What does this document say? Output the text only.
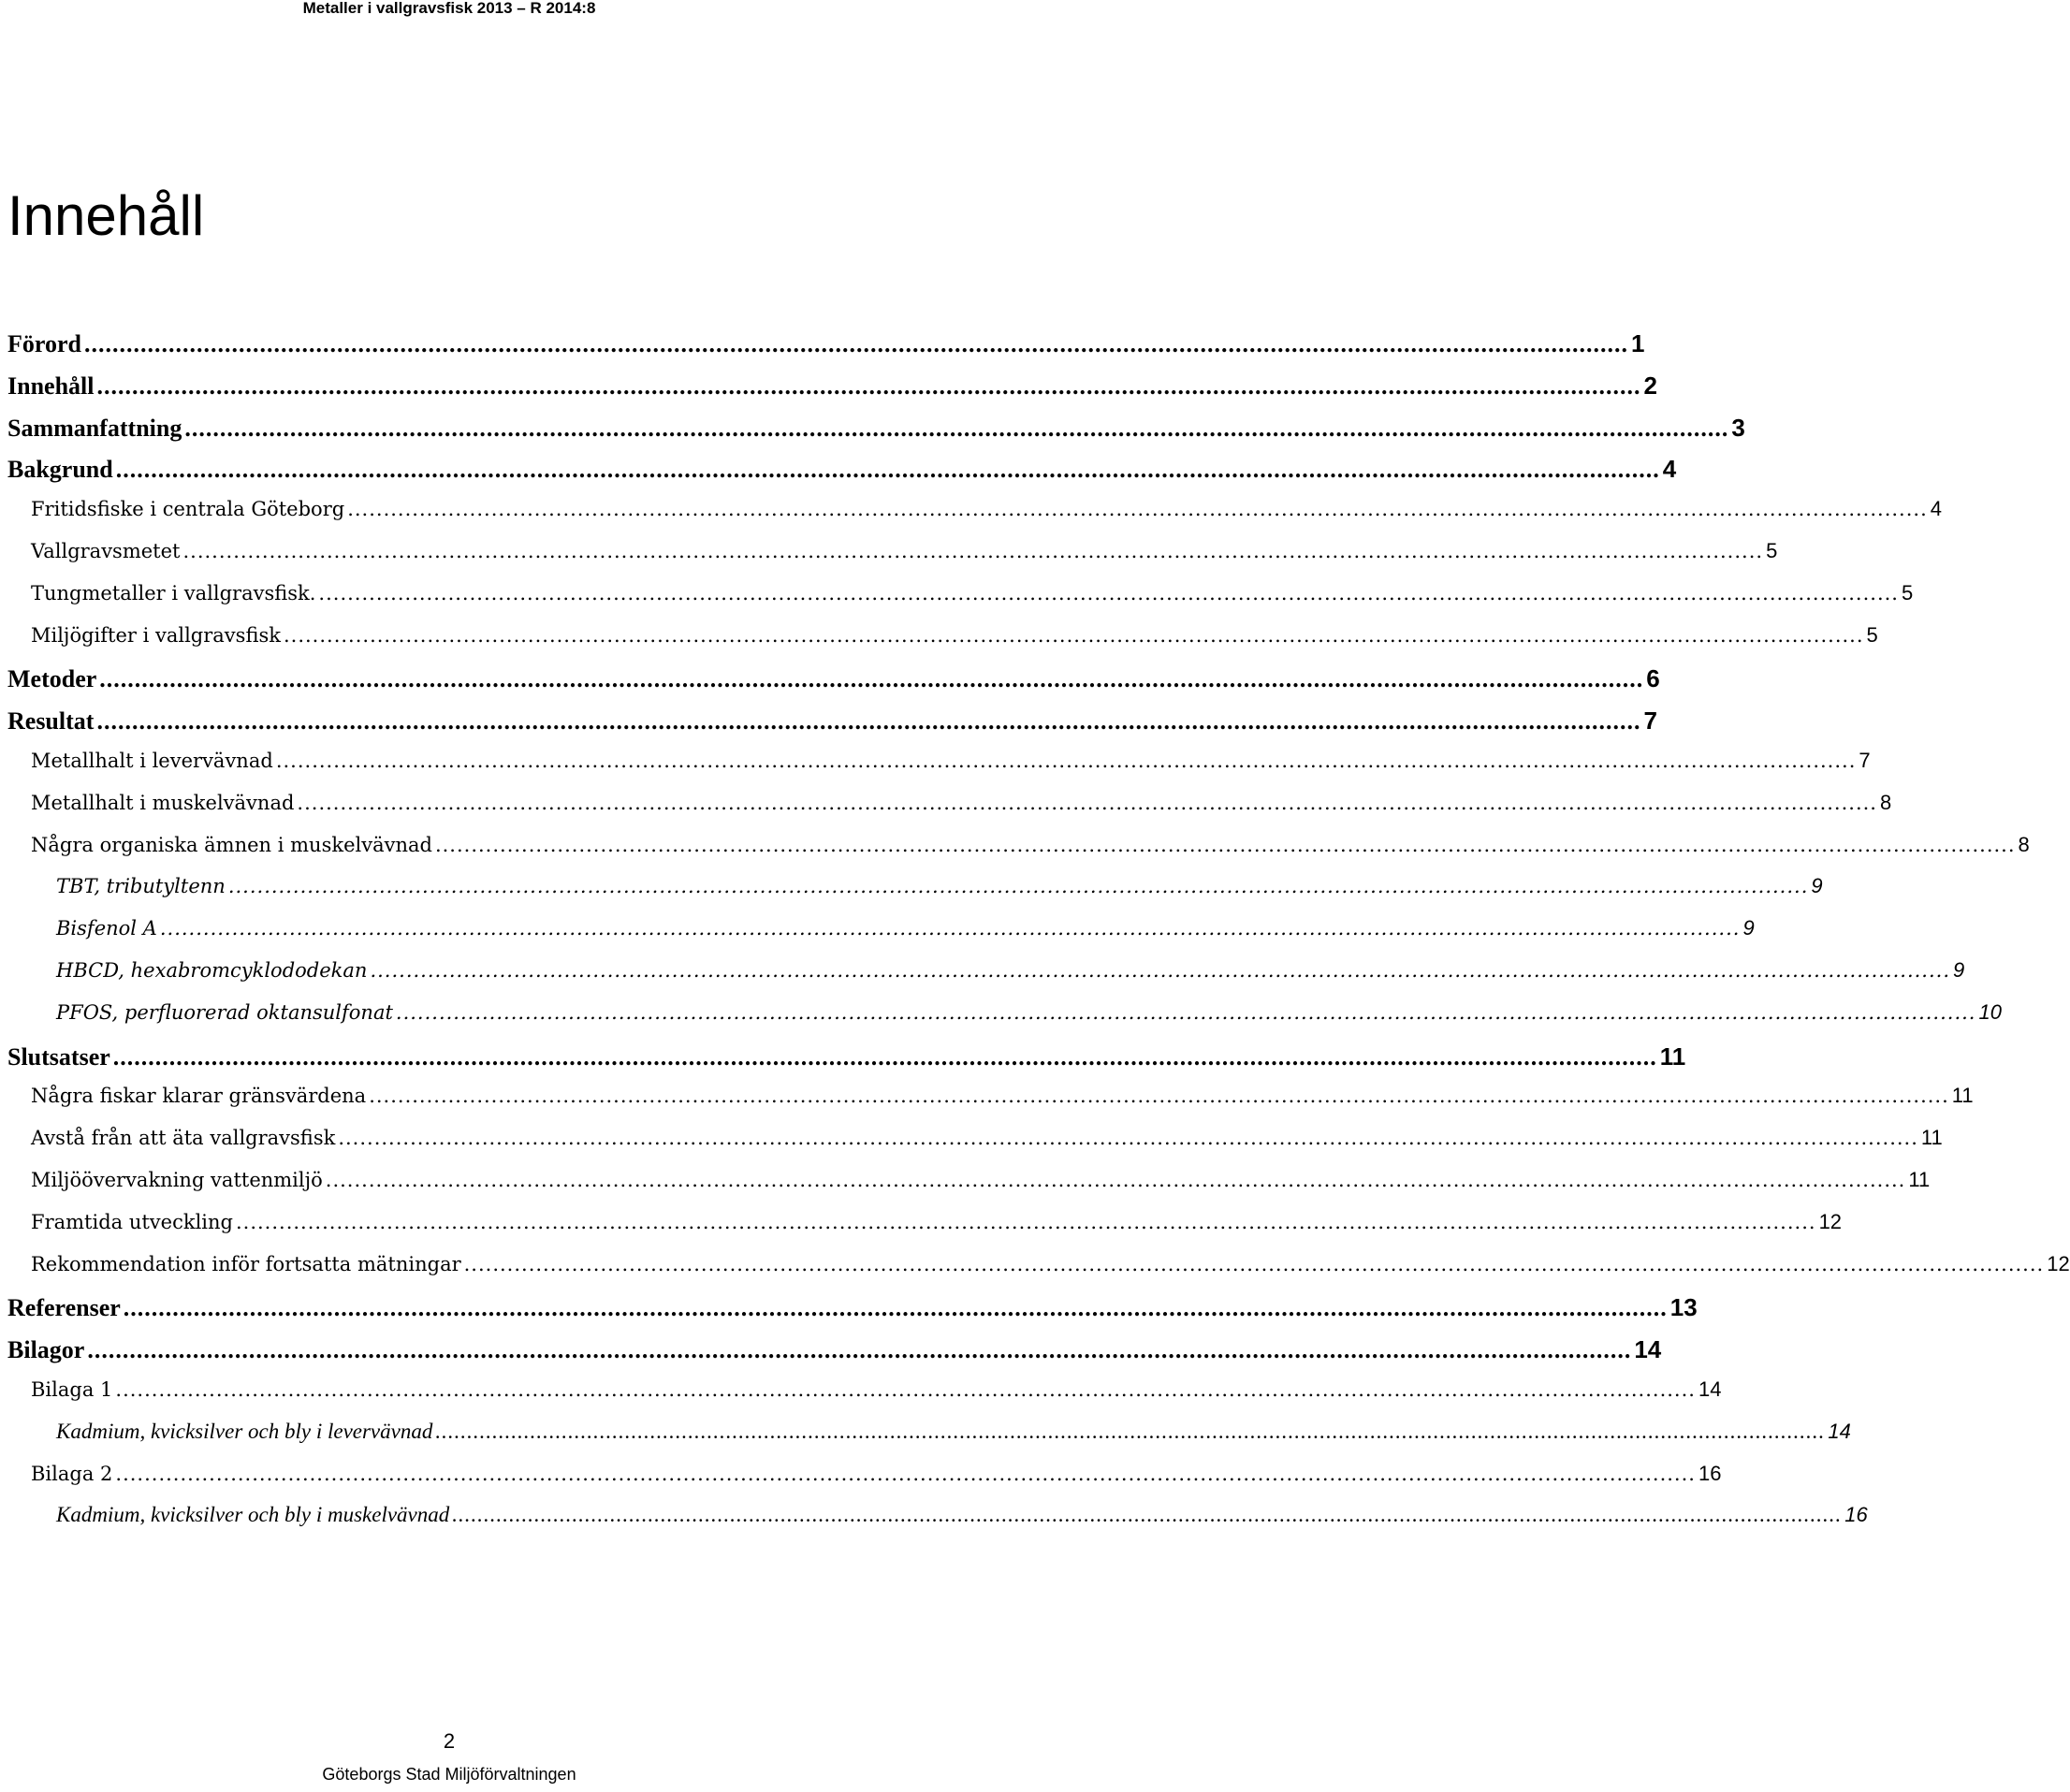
Metaller i vallgravsfisk 2013 – R 2014:8
Innehåll
Förord ............................................................................................................................................................................................................................ 1
Innehåll ............................................................................................................................................................................................................................ 2
Sammanfattning ............................................................................................................................................................................................................................ 3
Bakgrund ............................................................................................................................................................................................................................ 4
Fritidsfiske i centrala Göteborg ............................................................................................................................................................................................................................ 4
Vallgravsmetet ............................................................................................................................................................................................................................ 5
Tungmetaller i vallgravsfisk. ............................................................................................................................................................................................................................ 5
Miljögifter i vallgravsfisk ............................................................................................................................................................................................................................ 5
Metoder ............................................................................................................................................................................................................................ 6
Resultat ............................................................................................................................................................................................................................ 7
Metallhalt i levervävnad ............................................................................................................................................................................................................................ 7
Metallhalt i muskelvävnad ............................................................................................................................................................................................................................ 8
Några organiska ämnen i muskelvävnad ............................................................................................................................................................................................................................ 8
TBT, tributyltenn ............................................................................................................................................................................................................................ 9
Bisfenol A ............................................................................................................................................................................................................................ 9
HBCD, hexabromcyklododekan ............................................................................................................................................................................................................................ 9
PFOS, perfluorerad oktansulfonat ............................................................................................................................................................................................................................ 10
Slutsatser ............................................................................................................................................................................................................................ 11
Några fiskar klarar gränsvärdena ............................................................................................................................................................................................................................ 11
Avstå från att äta vallgravsfisk ............................................................................................................................................................................................................................ 11
Miljöövervakning vattenmiljö ............................................................................................................................................................................................................................ 11
Framtida utveckling ............................................................................................................................................................................................................................ 12
Rekommendation inför fortsatta mätningar ............................................................................................................................................................................................................................ 12
Referenser ............................................................................................................................................................................................................................ 13
Bilagor ............................................................................................................................................................................................................................ 14
Bilaga 1 ............................................................................................................................................................................................................................ 14
Kadmium, kvicksilver och bly i levervävnad ............................................................................................................................................................................................................................ 14
Bilaga 2 ............................................................................................................................................................................................................................ 16
Kadmium, kvicksilver och bly i muskelvävnad ............................................................................................................................................................................................................................ 16
2
Göteborgs Stad Miljöförvaltningen
